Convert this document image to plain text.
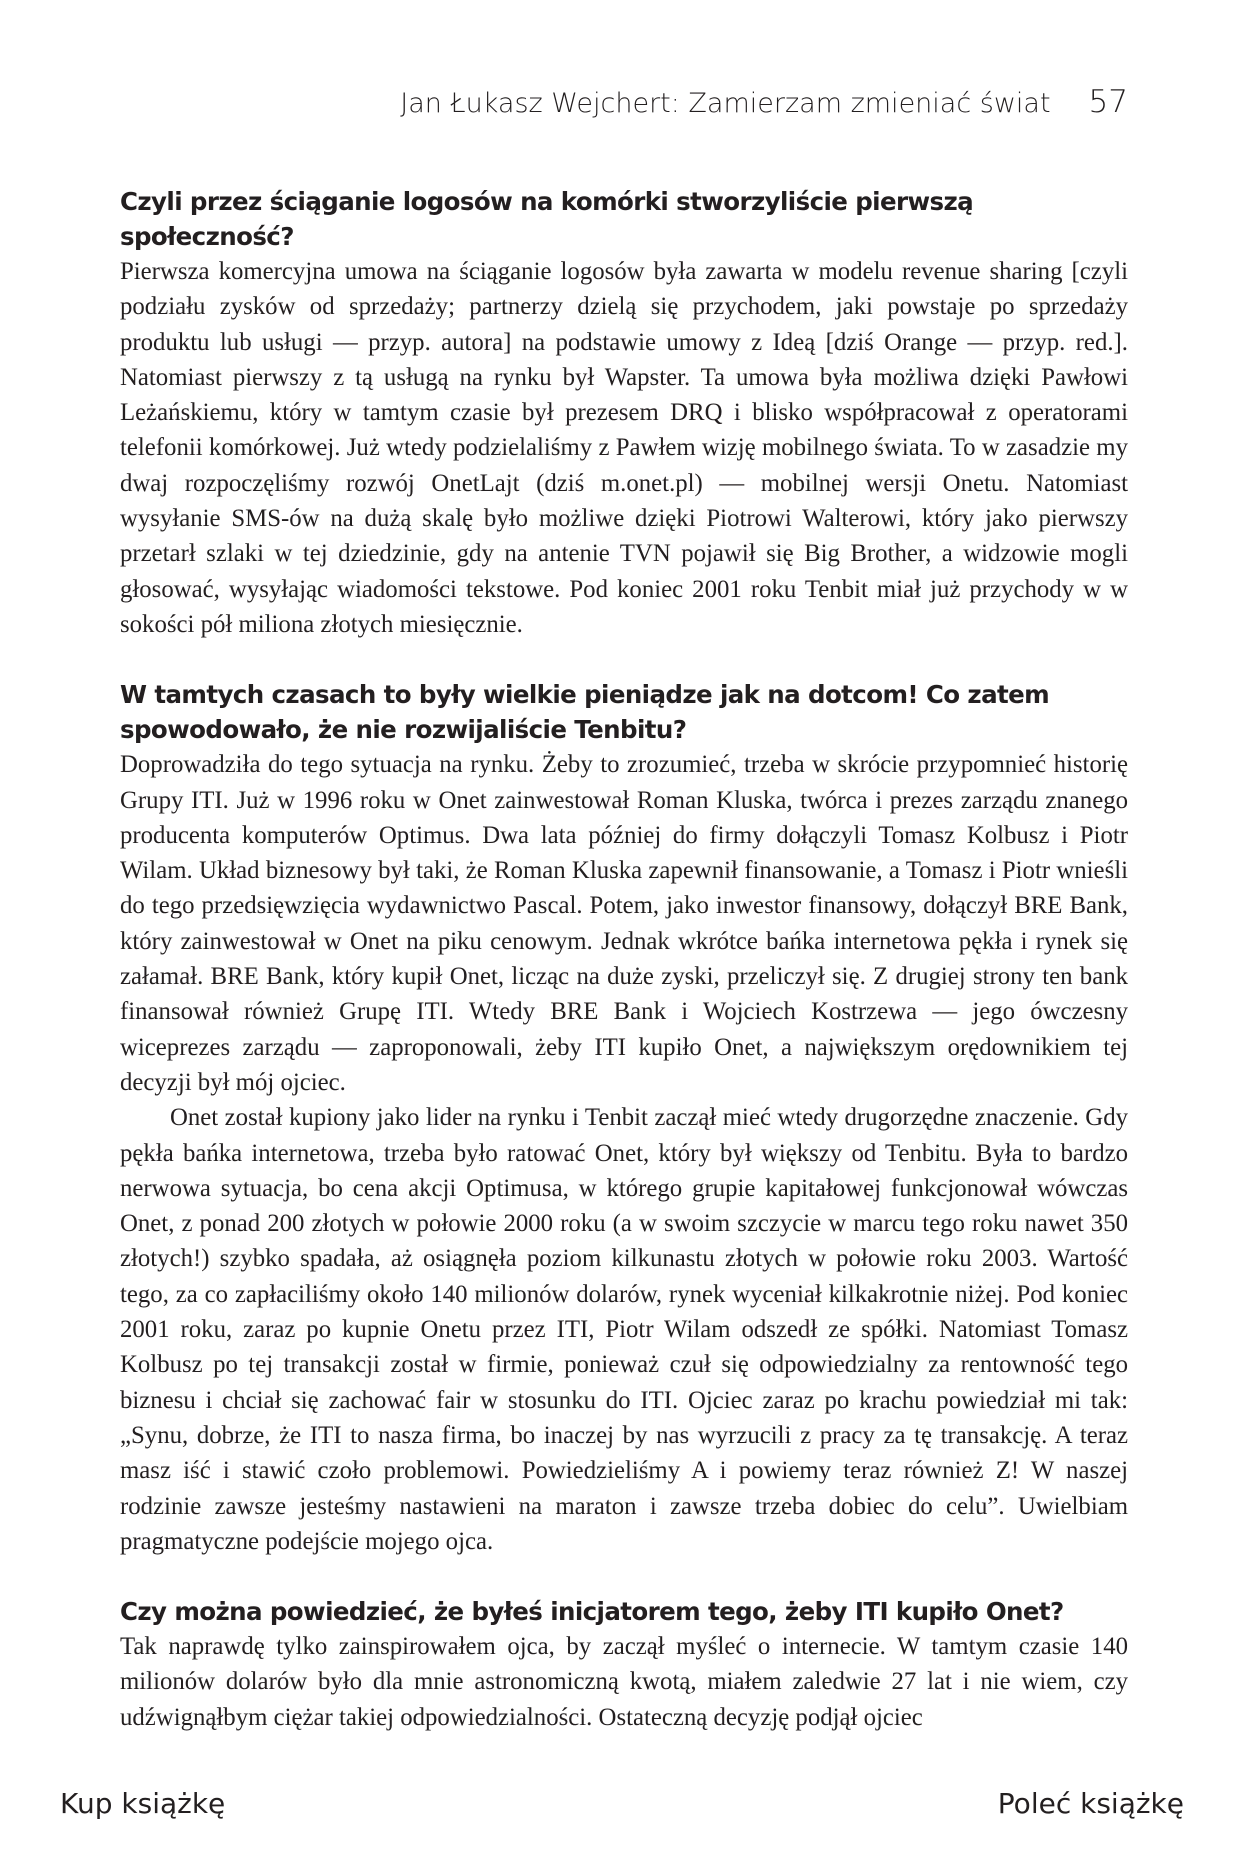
Jan Łukasz Wejchert: Zamierzam zmieniać świat 57

Czyli przez ściąganie logosów na komórki stworzyliście pierwszą społeczność?

Pierwsza komercyjna umowa na ściąganie logosów była zawarta w modelu revenue sharing [czyli podziału zysków od sprzedaży; partnerzy dzielą się przychodem, jaki powstaje po sprzedaży produktu lub usługi — przyp. autora] na podstawie umowy z Ideą [dziś Orange — przyp. red.]. Natomiast pierwszy z tą usługą na rynku był Wapster. Ta umowa była możliwa dzięki Pawłowi Leżańskiemu, który w tamtym czasie był prezesem DRQ i blisko współpracował z operatorami telefonii komórkowej. Już wtedy podzielaliśmy z Pawłem wizję mobilnego świata. To w zasadzie my dwaj rozpoczęliśmy rozwój OnetLajt (dziś m.onet.pl) — mobilnej wersji Onetu. Natomiast wysyłanie SMS-ów na dużą skalę było możliwe dzięki Piotrowi Walterowi, który jako pierwszy przetarł szlaki w tej dziedzinie, gdy na antenie TVN pojawił się Big Brother, a widzowie mogli głosować, wysyłając wiadomości tekstowe. Pod koniec 2001 roku Tenbit miał już przychody w w sokości pół miliona złotych miesięcznie.

W tamtych czasach to były wielkie pieniądze jak na dotcom! Co zatem spowodowało, że nie rozwijaliście Tenbitu?

Doprowadziła do tego sytuacja na rynku. Żeby to zrozumieć, trzeba w skrócie przypomnieć historię Grupy ITI. Już w 1996 roku w Onet zainwestował Roman Kluska, twórca i prezes zarządu znanego producenta komputerów Optimus. Dwa lata później do firmy dołączyli Tomasz Kolbusz i Piotr Wilam. Układ biznesowy był taki, że Roman Kluska zapewnił finansowanie, a Tomasz i Piotr wnieśli do tego przedsięwzięcia wydawnictwo Pascal. Potem, jako inwestor finansowy, dołączył BRE Bank, który zainwestował w Onet na piku cenowym. Jednak wkrótce bańka internetowa pękła i rynek się załamał. BRE Bank, który kupił Onet, licząc na duże zyski, przeliczył się. Z drugiej strony ten bank finansował również Grupę ITI. Wtedy BRE Bank i Wojciech Kostrzewa — jego ówczesny wiceprezes zarządu — zaproponowali, żeby ITI kupiło Onet, a największym orędownikiem tej decyzji był mój ojciec.

Onet został kupiony jako lider na rynku i Tenbit zaczął mieć wtedy drugorzędne znaczenie. Gdy pękła bańka internetowa, trzeba było ratować Onet, który był większy od Tenbitu. Była to bardzo nerwowa sytuacja, bo cena akcji Optimusa, w którego grupie kapitałowej funkcjonował wówczas Onet, z ponad 200 złotych w połowie 2000 roku (a w swoim szczycie w marcu tego roku nawet 350 złotych!) szybko spadała, aż osiągnęła poziom kilkunastu złotych w połowie roku 2003. Wartość tego, za co zapłaciliśmy około 140 milionów dolarów, rynek wyceniał kilkakrotnie niżej. Pod koniec 2001 roku, zaraz po kupnie Onetu przez ITI, Piotr Wilam odszedł ze spółki. Natomiast Tomasz Kolbusz po tej transakcji został w firmie, ponieważ czuł się odpowiedzialny za rentowność tego biznesu i chciał się zachować fair w stosunku do ITI. Ojciec zaraz po krachu powiedział mi tak: „Synu, dobrze, że ITI to nasza firma, bo inaczej by nas wyrzucili z pracy za tę transakcję. A teraz masz iść i stawić czoło problemowi. Powiedzieliśmy A i powiemy teraz również Z! W naszej rodzinie zawsze jesteśmy nastawieni na maraton i zawsze trzeba dobiec do celu”. Uwielbiam pragmatyczne podejście mojego ojca.

Czy można powiedzieć, że byłeś inicjatorem tego, żeby ITI kupiło Onet?

Tak naprawdę tylko zainspirowałem ojca, by zaczął myśleć o internecie. W tamtym czasie 140 milionów dolarów było dla mnie astronomiczną kwotą, miałem zaledwie 27 lat i nie wiem, czy udźwignąłbym ciężar takiej odpowiedzialności. Ostateczną decyzję podjął ojciec

Kup książkę	Poleć książkę
